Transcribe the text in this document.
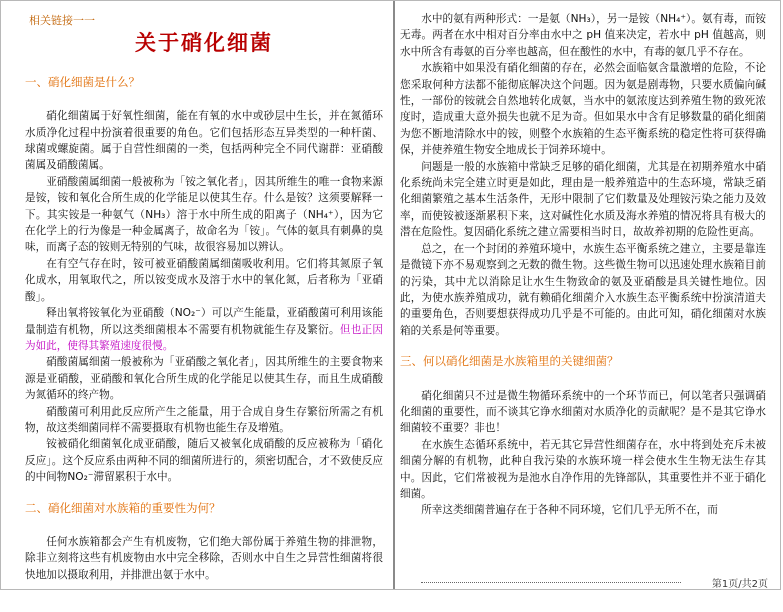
相关链接一一
关于硝化细菌
一、硝化细菌是什么？

硝化细菌属于好氧性细菌，能在有氧的水中或砂层中生长，并在氮循环水质净化过程中扮演着很重要的角色。它们包括形态互异类型的一种杆菌、球菌或螺旋菌。属于自营性细菌的一类，包括两种完全不同代谢群：亚硝酸菌属及硝酸菌属。

亚硝酸菌属细菌一般被称为「铵之氧化者」，因其所维生的唯一食物来源是铵，铵和氧化合所生成的化学能足以使其生存。什么是铵？这须要解释一下。其实铵是一种氨气（NH₃）溶于水中所生成的阳离子（NH₄⁺），因为它在化学上的行为像是一种金属离子，故命名为「铵」。气体的氨具有刺鼻的臭味，而离子态的铵则无特别的气味，故很容易加以辨认。

在有空气存在时，铵可被亚硝酸菌属细菌吸收利用。它们将其氮原子氧化成水，用氧取代之，所以铵变成水及溶于水中的氧化氮，后者称为「亚硝酸」。

释出氧将铵氧化为亚硝酸（NO₂⁻）可以产生能量，亚硝酸菌可利用该能量制造有机物，所以这类细菌根本不需要有机物就能生存及繁衍。但也正因为如此，使得其繁殖速度很慢。

硝酸菌属细菌一般被称为「亚硝酸之氧化者」，因其所维生的主要食物来源是亚硝酸，亚硝酸和氧化合所生成的化学能足以使其生存，而且生成硝酸为氮循环的终产物。

硝酸菌可利用此反应所产生之能量，用于合成自身生存繁衍所需之有机物，故这类细菌同样不需要摄取有机物也能生存及增殖。

铵被硝化细菌氧化成亚硝酸，随后又被氧化成硝酸的反应被称为「硝化反应」。这个反应系由两种不同的细菌所进行的，须密切配合，才不致使反应的中间物NO₂⁻滞留累积于水中。

二、硝化细菌对水族箱的重要性为何？

任何水族箱都会产生有机废物，它们绝大部份属于养殖生物的排泄物，除非立刻将这些有机废物由水中完全移除，否则水中自生之异营性细菌将很快地加以摄取利用，并排泄出氨于水中。

水中的氨有两种形式：一是氨（NH₃），另一是铵（NH₄⁺）。氨有毒，而铵无毒。两者在水中相对百分率由水中之 pH 值来决定，若水中 pH 值越高，则水中所含有毒氨的百分率也越高，但在酸性的水中，有毒的氨几乎不存在。

水族箱中如果没有硝化细菌的存在，必然会面临氨含量激增的危险，不论您采取何种方法都不能彻底解决这个问题。因为氨是剧毒物，只要水质偏向碱性，一部份的铵就会自然地转化成氨，当水中的氨浓度达到养殖生物的致死浓度时，造成重大意外损失也就不足为奇。但如果水中含有足够数量的硝化细菌为您不断地清除水中的铵，则整个水族箱的生态平衡系统的稳定性将可获得确保，并使养殖生物安全地成长于饲养环境中。

问题是一般的水族箱中常缺乏足够的硝化细菌，尤其是在初期养殖水中硝化系统尚未完全建立时更是如此，理由是一般养殖造中的生态环境，常缺乏硝化细菌繁殖之基本生活条件，无形中限制了它们数量及处理铵污染之能力及效率，而使铵被逐渐累积下来，这对碱性化水质及海水养殖的情况将具有极大的潜在危险性。复因硝化系统之建立需要相当时日，故故养初期的危险性更高。

总之，在一个封闭的养殖环境中，水族生态平衡系统之建立，主要是靠连是微镜下亦不易观察到之无数的微生物。这些微生物可以迅速处理水族箱目前的污染，其中尤以消除足让水生生物致命的氨及亚硝酸是具关键性地位。因此，为使水族养殖成功，就有赖硝化细菌介入水族生态平衡系统中扮演清道夫的重要角色，否则要想获得成功几乎是不可能的。由此可知，硝化细菌对水族箱的关系是何等重要。

三、何以硝化细菌是水族箱里的关键细菌？

硝化细菌只不过是微生物循环系统中的一个环节而已，何以笔者只强调硝化细菌的重要性，而不谈其它诤水细菌对水质净化的贡献呢？是不是其它诤水细菌较不重要？非也！

在水族生态循环系统中，若无其它异营性细菌存在，水中将到处充斥未被细菌分解的有机物，此种自我污染的水族环境一样会使水生生物无法生存其中。因此，它们常被视为是池水自净作用的先锋部队，其重要性并不亚于硝化细菌。

所幸这类细菌普遍存在于各种不同环境，它们几乎无所不在，而

第1页/共2页
